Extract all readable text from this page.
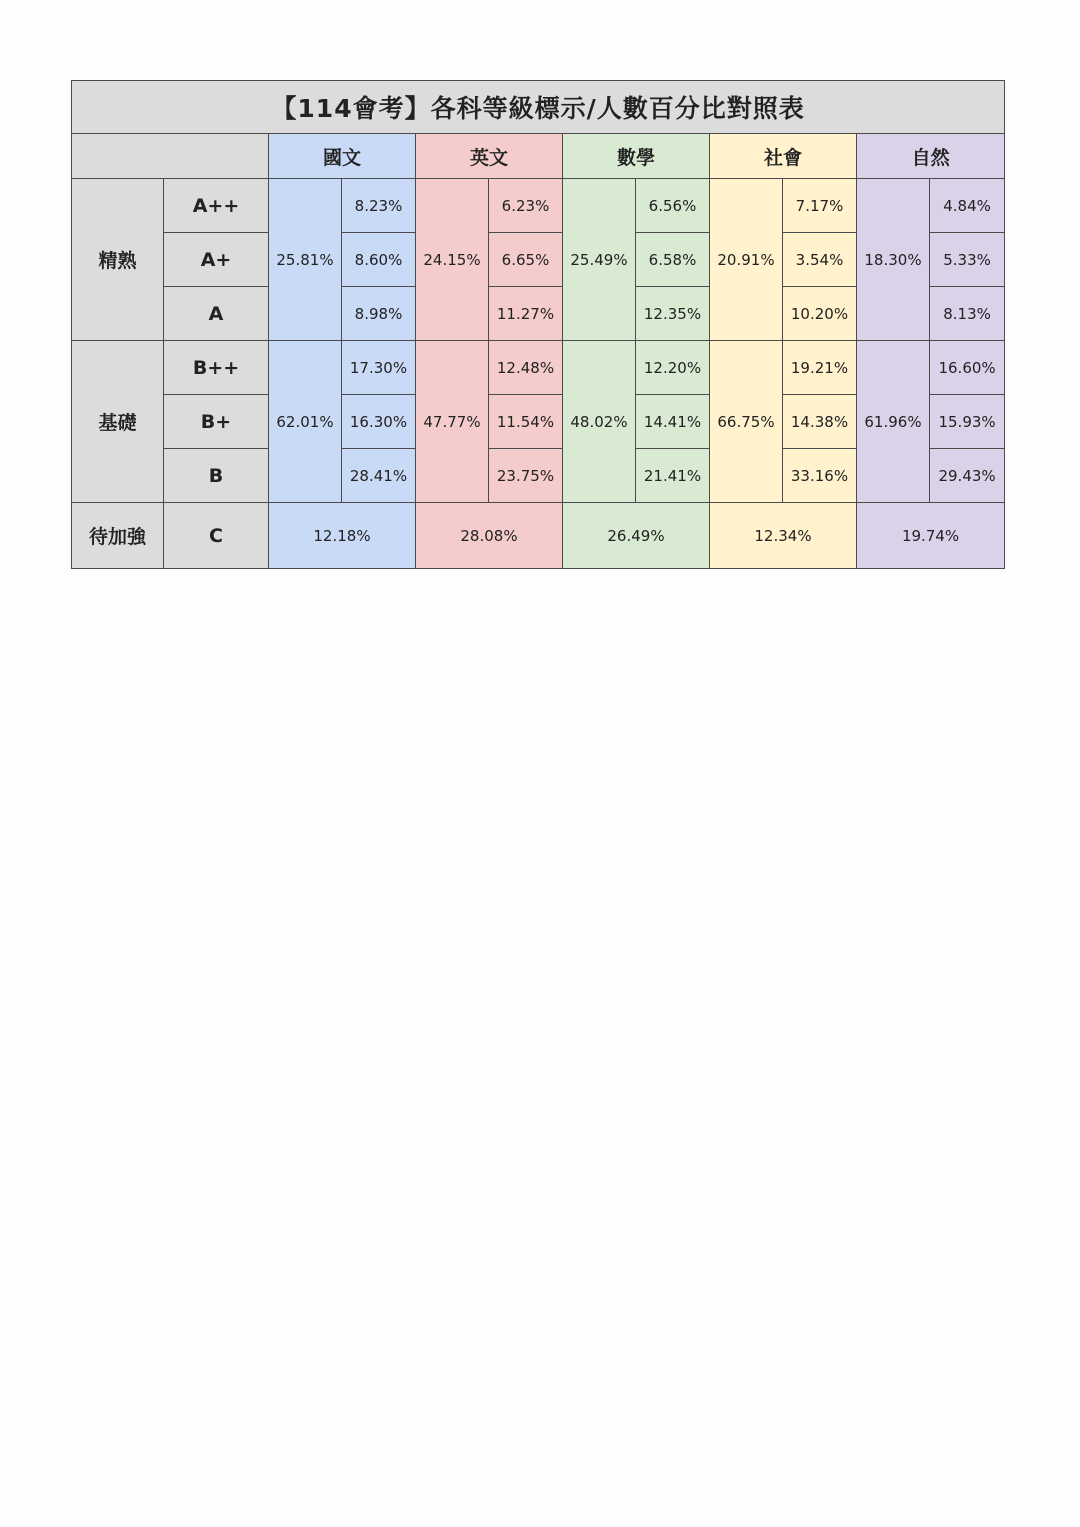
【114會考】各科等級標示/人數百分比對照表											
		國文		英文		數學		社會		自然	
精熟	A++	25.81%	8.23%	24.15%	6.23%	25.49%	6.56%	20.91%	7.17%	18.30%	4.84%
	A+		8.60%		6.65%		6.58%		3.54%		5.33%
	A		8.98%		11.27%		12.35%		10.20%		8.13%
基礎	B++	62.01%	17.30%	47.77%	12.48%	48.02%	12.20%	66.75%	19.21%	61.96%	16.60%
	B+		16.30%		11.54%		14.41%		14.38%		15.93%
	B		28.41%		23.75%		21.41%		33.16%		29.43%
待加強	C	12.18%		28.08%		26.49%		12.34%		19.74%	
